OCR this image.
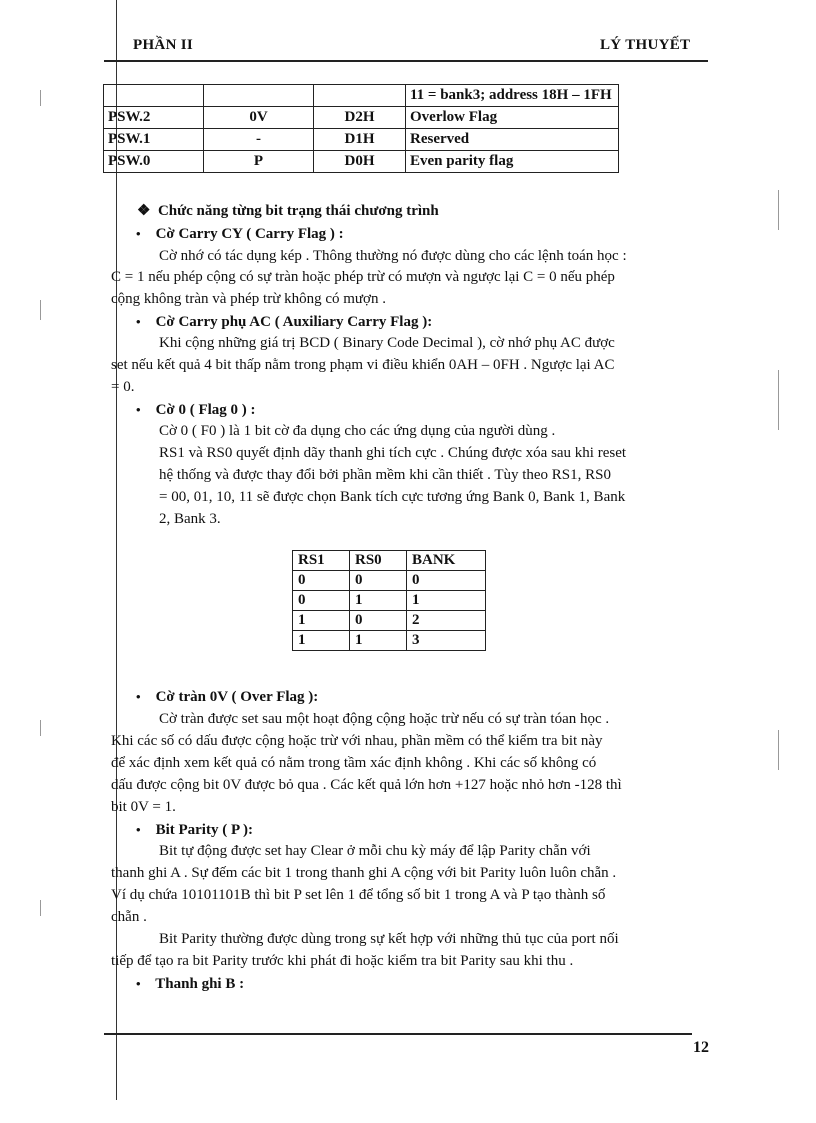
PHẦN II	LÝ THUYẾT
			11 = bank3; address 18H – 1FH
PSW.2	0V	D2H	Overlow Flag
PSW.1	-	D1H	Reserved
PSW.0	P	D0H	Even parity flag
❖ Chức năng từng bit trạng thái chương trình
• Cờ Carry CY ( Carry Flag ) :
Cờ nhớ có tác dụng kép . Thông thường nó được dùng cho các lệnh toán học :
C = 1 nếu phép cộng có sự tràn hoặc phép trừ có mượn và ngược lại C = 0 nếu phép
cộng không tràn và phép trừ không có mượn .
• Cờ Carry phụ AC ( Auxiliary Carry Flag ):
Khi cộng những giá trị BCD ( Binary Code Decimal ), cờ nhớ phụ AC được
set nếu kết quả 4 bit thấp nằm trong phạm vi điều khiển 0AH – 0FH . Ngược lại AC
= 0.
• Cờ 0 ( Flag 0 ) :
Cờ 0 ( F0 ) là 1 bit cờ đa dụng cho các ứng dụng của người dùng .
RS1 và RS0 quyết định dãy thanh ghi tích cực . Chúng được xóa sau khi reset
hệ thống và được thay đổi bởi phần mềm khi cần thiết . Tùy theo RS1, RS0
= 00, 01, 10, 11 sẽ được chọn Bank tích cực tương ứng Bank 0, Bank 1, Bank
2, Bank 3.
RS1	RS0	BANK
0	0	0
0	1	1
1	0	2
1	1	3
• Cờ tràn 0V ( Over Flag ):
Cờ tràn được set sau một hoạt động cộng hoặc trừ nếu có sự tràn tóan học .
Khi các số có dấu được cộng hoặc trừ với nhau, phần mềm có thể kiểm tra bit này
để xác định xem kết quả có nằm trong tầm xác định không . Khi các số không có
dấu được cộng bit 0V được bỏ qua . Các kết quả lớn hơn +127 hoặc nhỏ hơn -128 thì
bit 0V = 1.
• Bit Parity ( P ):
Bit tự động được set hay Clear ở mỗi chu kỳ máy để lập Parity chẵn với
thanh ghi A . Sự đếm các bit 1 trong thanh ghi A cộng với bit Parity luôn luôn chẵn .
Ví dụ chứa 10101101B thì bit P set lên 1 để tổng số bit 1 trong A và P tạo thành số
chẵn .
Bit Parity thường được dùng trong sự kết hợp với những thủ tục của port nối
tiếp để tạo ra bit Parity trước khi phát đi hoặc kiểm tra bit Parity sau khi thu .
• Thanh ghi B :
12
